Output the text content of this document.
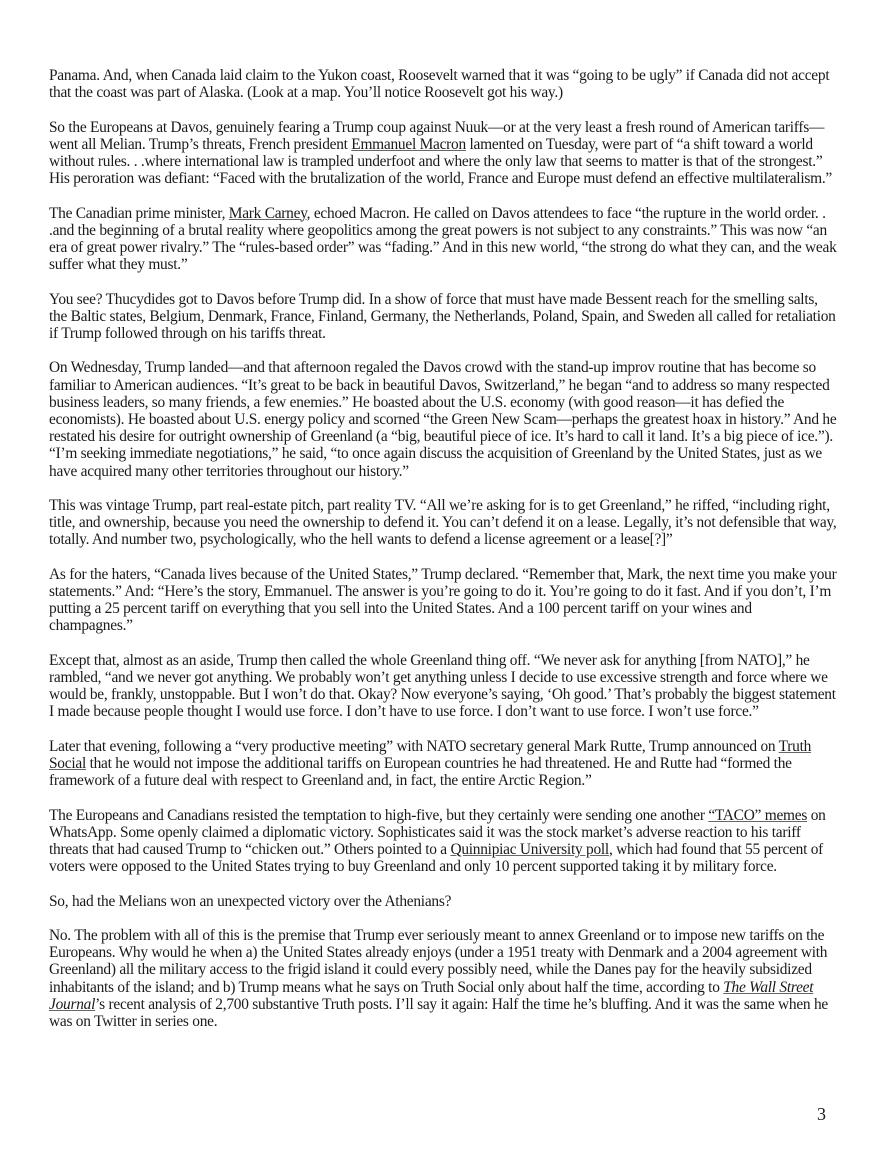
Panama. And, when Canada laid claim to the Yukon coast, Roosevelt warned that it was “going to be ugly” if Canada did not accept that the coast was part of Alaska. (Look at a map. You’ll notice Roosevelt got his way.)

So the Europeans at Davos, genuinely fearing a Trump coup against Nuuk—or at the very least a fresh round of American tariffs—went all Melian. Trump’s threats, French president Emmanuel Macron lamented on Tuesday, were part of “a shift toward a world without rules. . .where international law is trampled underfoot and where the only law that seems to matter is that of the strongest.” His peroration was defiant: “Faced with the brutalization of the world, France and Europe must defend an effective multilateralism.”

The Canadian prime minister, Mark Carney, echoed Macron. He called on Davos attendees to face “the rupture in the world order. . .and the beginning of a brutal reality where geopolitics among the great powers is not subject to any constraints.” This was now “an era of great power rivalry.” The “rules-based order” was “fading.” And in this new world, “the strong do what they can, and the weak suffer what they must.”

You see? Thucydides got to Davos before Trump did. In a show of force that must have made Bessent reach for the smelling salts, the Baltic states, Belgium, Denmark, France, Finland, Germany, the Netherlands, Poland, Spain, and Sweden all called for retaliation if Trump followed through on his tariffs threat.

On Wednesday, Trump landed—and that afternoon regaled the Davos crowd with the stand-up improv routine that has become so familiar to American audiences. “It’s great to be back in beautiful Davos, Switzerland,” he began “and to address so many respected business leaders, so many friends, a few enemies.” He boasted about the U.S. economy (with good reason—it has defied the economists). He boasted about U.S. energy policy and scorned “the Green New Scam—perhaps the greatest hoax in history.” And he restated his desire for outright ownership of Greenland (a “big, beautiful piece of ice. It’s hard to call it land. It’s a big piece of ice.”). “I’m seeking immediate negotiations,” he said, “to once again discuss the acquisition of Greenland by the United States, just as we have acquired many other territories throughout our history.”

This was vintage Trump, part real-estate pitch, part reality TV. “All we’re asking for is to get Greenland,” he riffed, “including right, title, and ownership, because you need the ownership to defend it. You can’t defend it on a lease. Legally, it’s not defensible that way, totally. And number two, psychologically, who the hell wants to defend a license agreement or a lease[?]”

As for the haters, “Canada lives because of the United States,” Trump declared. “Remember that, Mark, the next time you make your statements.” And: “Here’s the story, Emmanuel. The answer is you’re going to do it. You’re going to do it fast. And if you don’t, I’m putting a 25 percent tariff on everything that you sell into the United States. And a 100 percent tariff on your wines and champagnes.”

Except that, almost as an aside, Trump then called the whole Greenland thing off. “We never ask for anything [from NATO],” he rambled, “and we never got anything. We probably won’t get anything unless I decide to use excessive strength and force where we would be, frankly, unstoppable. But I won’t do that. Okay? Now everyone’s saying, ‘Oh good.’ That’s probably the biggest statement I made because people thought I would use force. I don’t have to use force. I don’t want to use force. I won’t use force.”

Later that evening, following a “very productive meeting” with NATO secretary general Mark Rutte, Trump announced on Truth Social that he would not impose the additional tariffs on European countries he had threatened. He and Rutte had “formed the framework of a future deal with respect to Greenland and, in fact, the entire Arctic Region.”

The Europeans and Canadians resisted the temptation to high-five, but they certainly were sending one another “TACO” memes on WhatsApp. Some openly claimed a diplomatic victory. Sophisticates said it was the stock market’s adverse reaction to his tariff threats that had caused Trump to “chicken out.” Others pointed to a Quinnipiac University poll, which had found that 55 percent of voters were opposed to the United States trying to buy Greenland and only 10 percent supported taking it by military force.

So, had the Melians won an unexpected victory over the Athenians?

No. The problem with all of this is the premise that Trump ever seriously meant to annex Greenland or to impose new tariffs on the Europeans. Why would he when a) the United States already enjoys (under a 1951 treaty with Denmark and a 2004 agreement with Greenland) all the military access to the frigid island it could every possibly need, while the Danes pay for the heavily subsidized inhabitants of the island; and b) Trump means what he says on Truth Social only about half the time, according to The Wall Street Journal’s recent analysis of 2,700 substantive Truth posts. I’ll say it again: Half the time he’s bluffing. And it was the same when he was on Twitter in series one.

3
